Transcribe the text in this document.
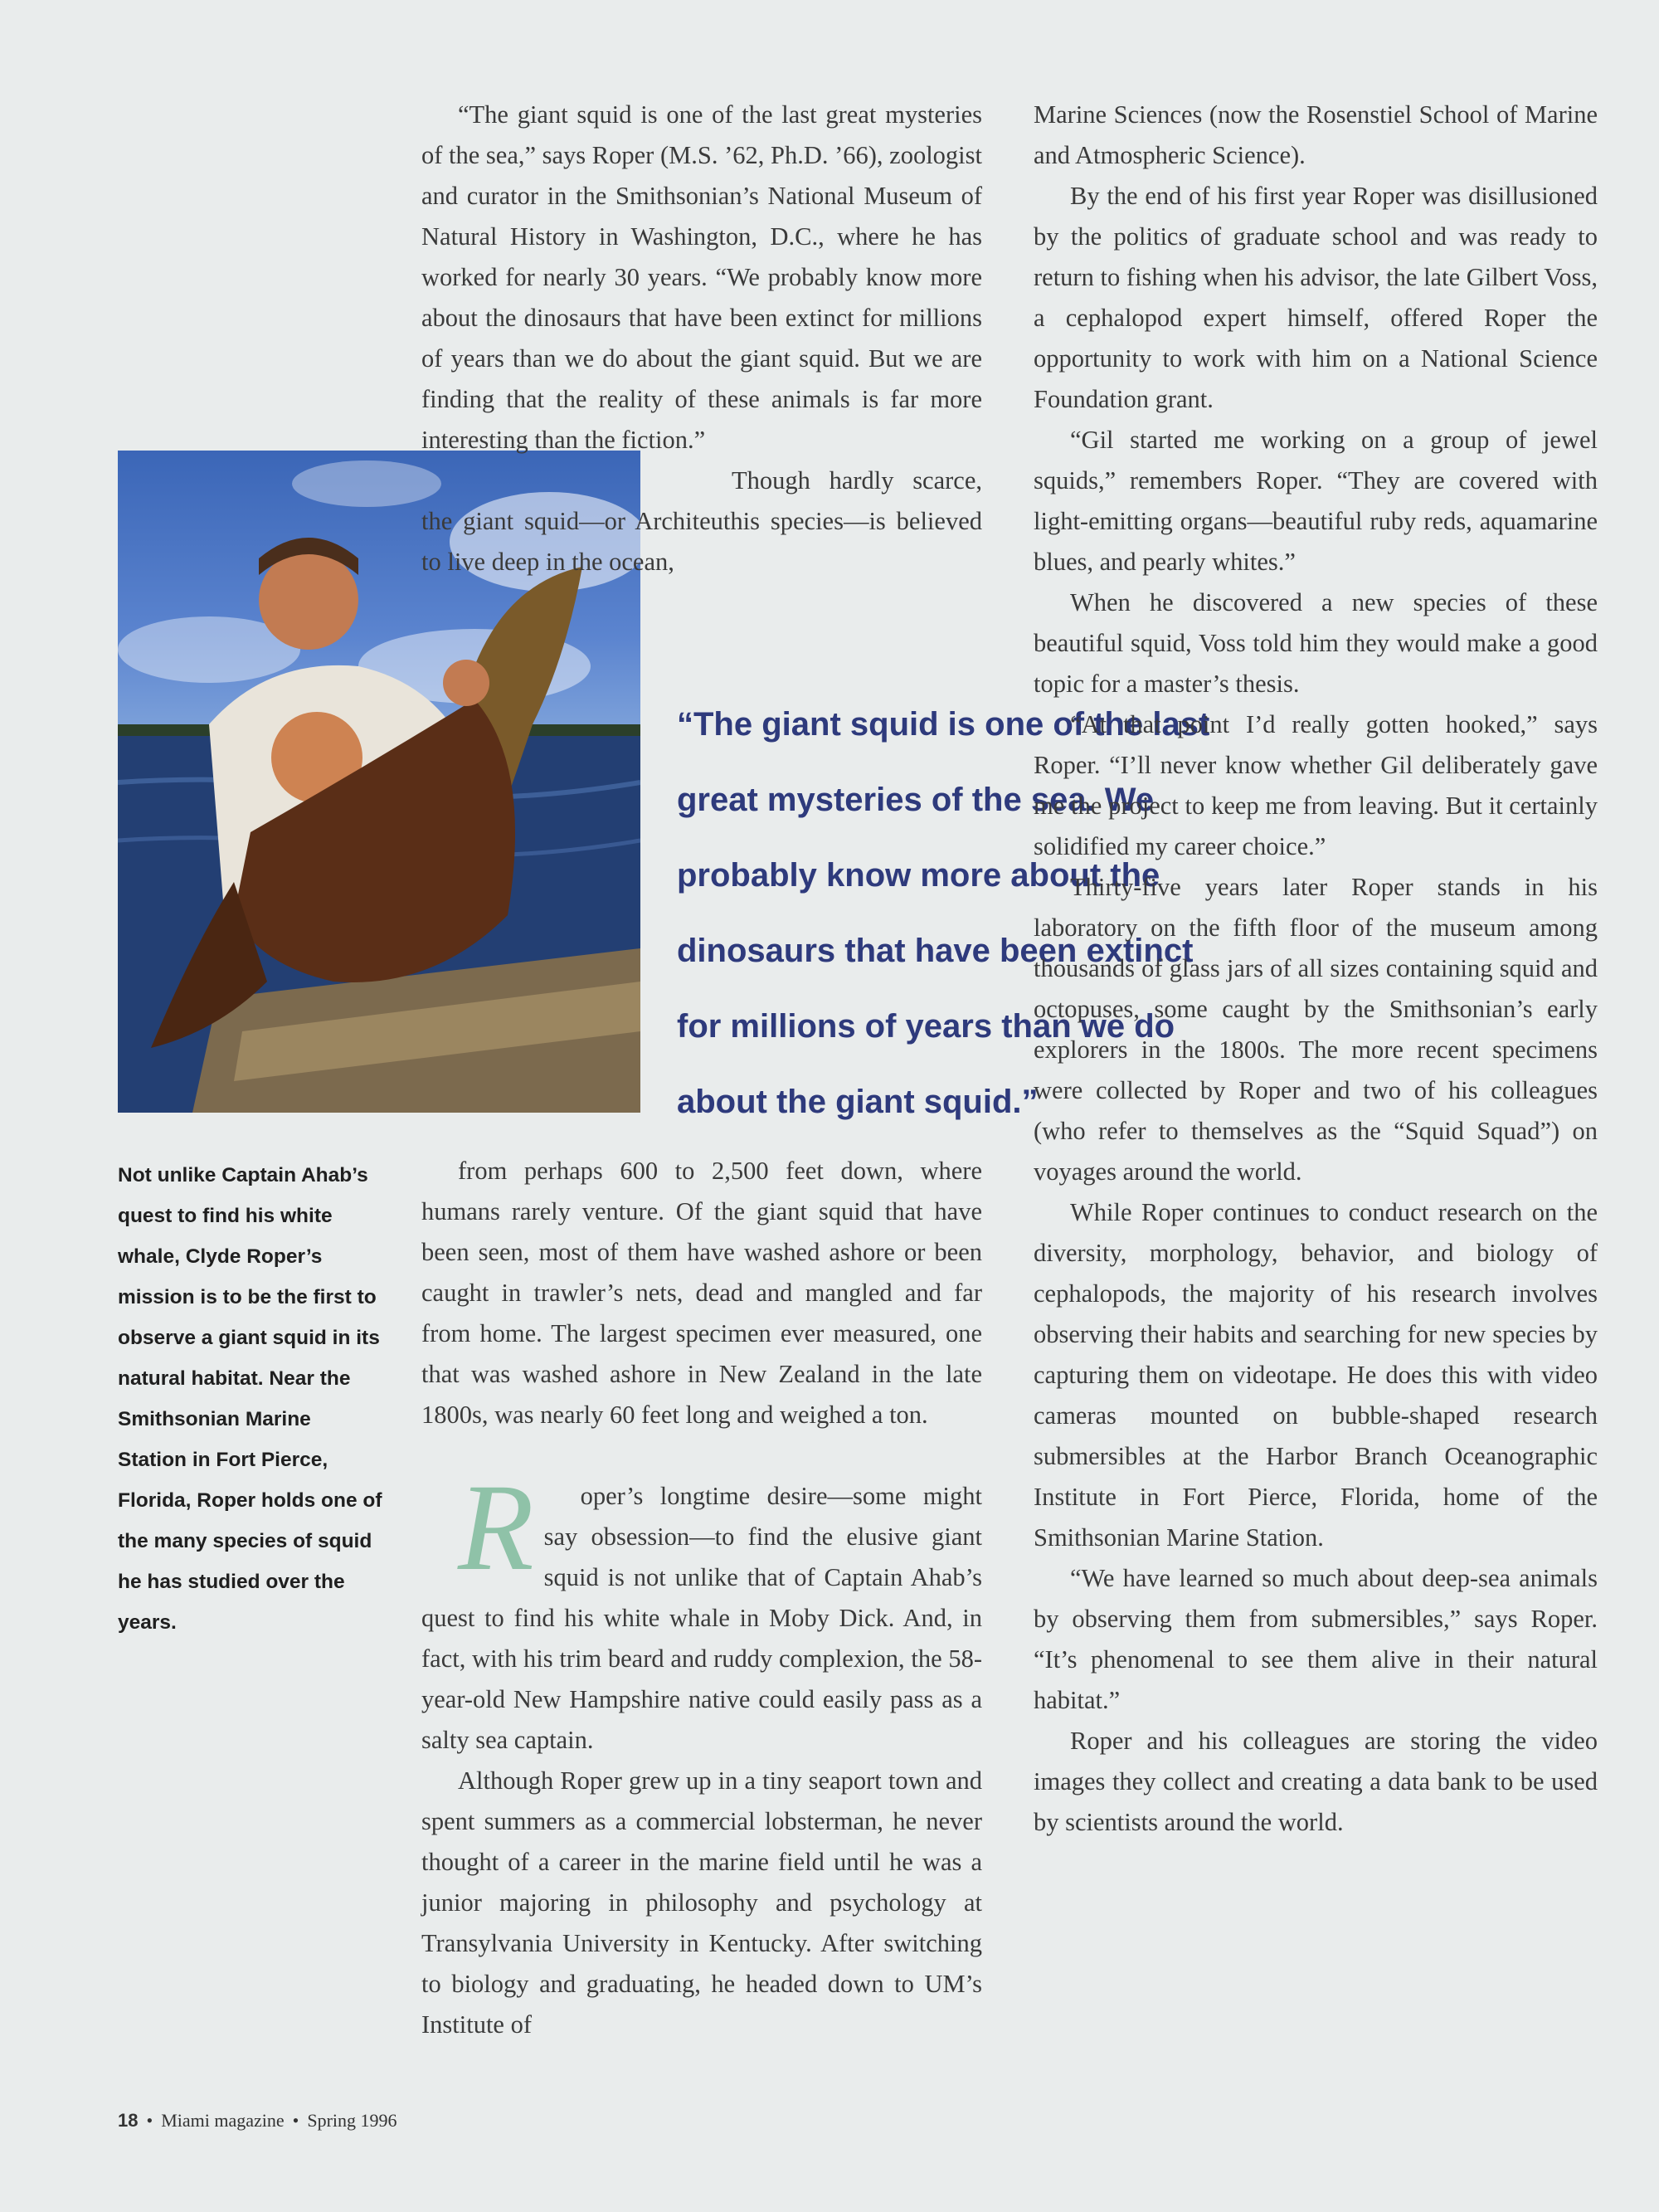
“The giant squid is one of the last great mysteries of the sea,” says Roper (M.S. ’62, Ph.D. ’66), zoologist and curator in the Smithsonian’s National Museum of Natural History in Washington, D.C., where he has worked for nearly 30 years. “We probably know more about the dinosaurs that have been extinct for millions of years than we do about the giant squid. But we are finding that the reality of these animals is far more interesting than the fiction.”

Though hardly scarce, the giant squid—or Architeuthis species—is believed to live deep in the ocean,

“The giant squid is one of the last great mysteries of the sea. We probably know more about the dinosaurs that have been extinct for millions of years than we do about the giant squid.”
Not unlike Captain Ahab’s quest to find his white whale, Clyde Roper’s mission is to be the first to observe a giant squid in its natural habitat. Near the Smithsonian Marine Station in Fort Pierce, Florida, Roper holds one of the many species of squid he has studied over the years.

from perhaps 600 to 2,500 feet down, where humans rarely venture. Of the giant squid that have been seen, most of them have washed ashore or been caught in trawler’s nets, dead and mangled and far from home. The largest specimen ever measured, one that was washed ashore in New Zealand in the late 1800s, was nearly 60 feet long and weighed a ton.

R oper’s longtime desire—some might say obsession—to find the elusive giant squid is not unlike that of Captain Ahab’s quest to find his white whale in Moby Dick. And, in fact, with his trim beard and ruddy complexion, the 58-year-old New Hampshire native could easily pass as a salty sea captain.

Although Roper grew up in a tiny seaport town and spent summers as a commercial lobsterman, he never thought of a career in the marine field until he was a junior majoring in philosophy and psychology at Transylvania University in Kentucky. After switching to biology and graduating, he headed down to UM’s Institute of

Marine Sciences (now the Rosenstiel School of Marine and Atmospheric Science).

By the end of his first year Roper was disillusioned by the politics of graduate school and was ready to return to fishing when his advisor, the late Gilbert Voss, a cephalopod expert himself, offered Roper the opportunity to work with him on a National Science Foundation grant.

“Gil started me working on a group of jewel squids,” remembers Roper. “They are covered with light-emitting organs—beautiful ruby reds, aquamarine blues, and pearly whites.”

When he discovered a new species of these beautiful squid, Voss told him they would make a good topic for a master’s thesis.

“At that point I’d really gotten hooked,” says Roper. “I’ll never know whether Gil deliberately gave me the project to keep me from leaving. But it certainly solidified my career choice.”

Thirty-five years later Roper stands in his laboratory on the fifth floor of the museum among thousands of glass jars of all sizes containing squid and octopuses, some caught by the Smithsonian’s early explorers in the 1800s. The more recent specimens were collected by Roper and two of his colleagues (who refer to themselves as the “Squid Squad”) on voyages around the world.

While Roper continues to conduct research on the diversity, morphology, behavior, and biology of cephalopods, the majority of his research involves observing their habits and searching for new species by capturing them on videotape. He does this with video cameras mounted on bubble-shaped research submersibles at the Harbor Branch Oceanographic Institute in Fort Pierce, Florida, home of the Smithsonian Marine Station.

“We have learned so much about deep-sea animals by observing them from submersibles,” says Roper. “It’s phenomenal to see them alive in their natural habitat.”

Roper and his colleagues are storing the video images they collect and creating a data bank to be used by scientists around the world.

18 • Miami magazine • Spring 1996
